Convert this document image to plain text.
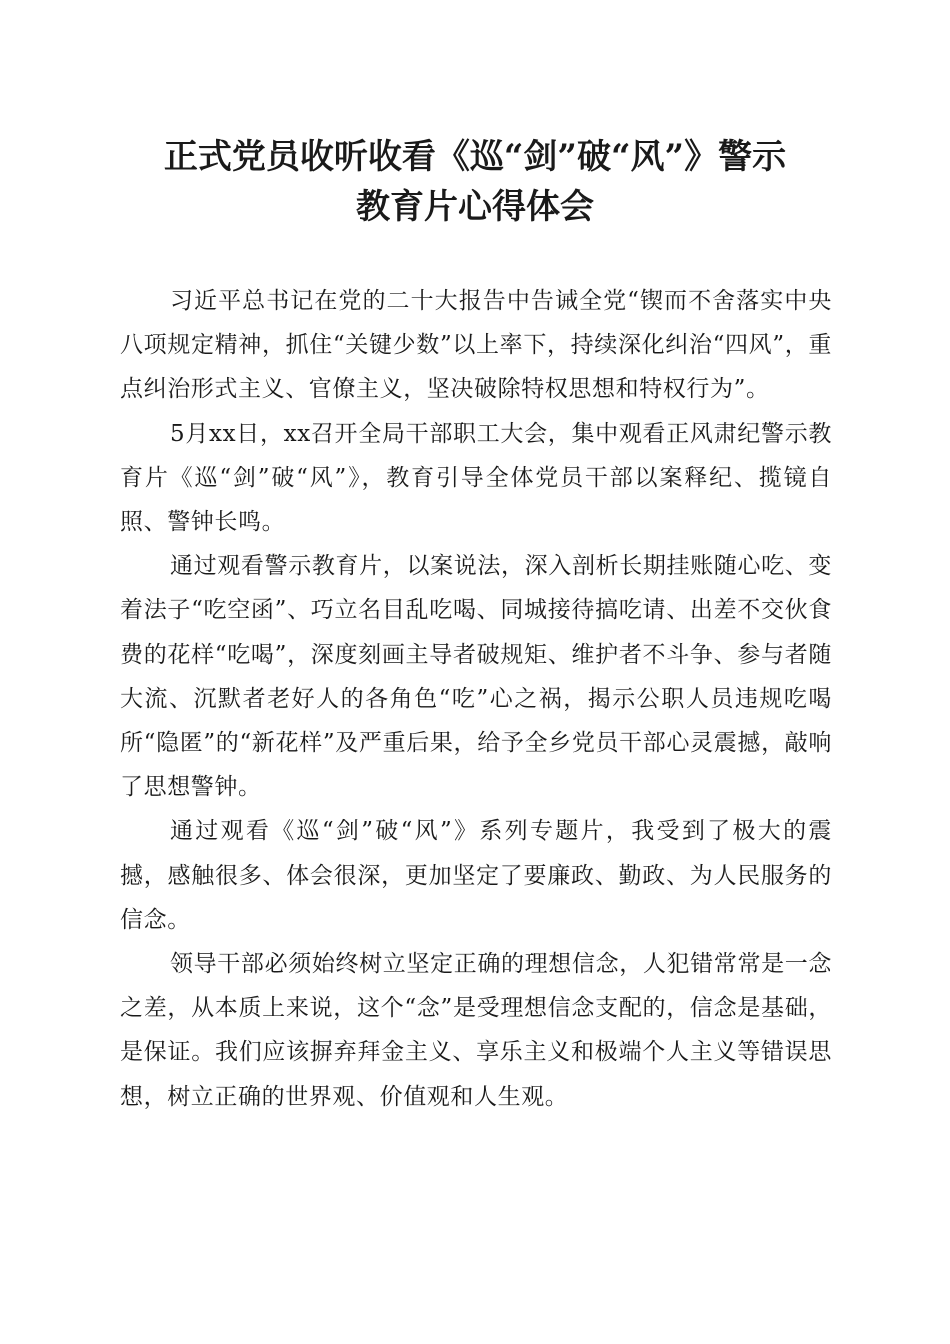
正式党员收听收看《巡“剑”破“风”》警示
教育片心得体会

习近平总书记在党的二十大报告中告诫全党“锲而不舍落实中央八项规定精神，抓住“关键少数”以上率下，持续深化纠治“四风”，重点纠治形式主义、官僚主义，坚决破除特权思想和特权行为”。

5月xx日，xx召开全局干部职工大会，集中观看正风肃纪警示教育片《巡“剑”破“风”》，教育引导全体党员干部以案释纪、揽镜自照、警钟长鸣。

通过观看警示教育片，以案说法，深入剖析长期挂账随心吃、变着法子“吃空函”、巧立名目乱吃喝、同城接待搞吃请、出差不交伙食费的花样“吃喝”，深度刻画主导者破规矩、维护者不斗争、参与者随大流、沉默者老好人的各角色“吃”心之祸，揭示公职人员违规吃喝所“隐匿”的“新花样”及严重后果，给予全乡党员干部心灵震撼，敲响了思想警钟。

通过观看《巡“剑”破“风”》系列专题片，我受到了极大的震撼，感触很多、体会很深，更加坚定了要廉政、勤政、为人民服务的信念。

领导干部必须始终树立坚定正确的理想信念，人犯错常常是一念之差，从本质上来说，这个“念”是受理想信念支配的，信念是基础，是保证。我们应该摒弃拜金主义、享乐主义和极端个人主义等错误思想，树立正确的世界观、价值观和人生观。
